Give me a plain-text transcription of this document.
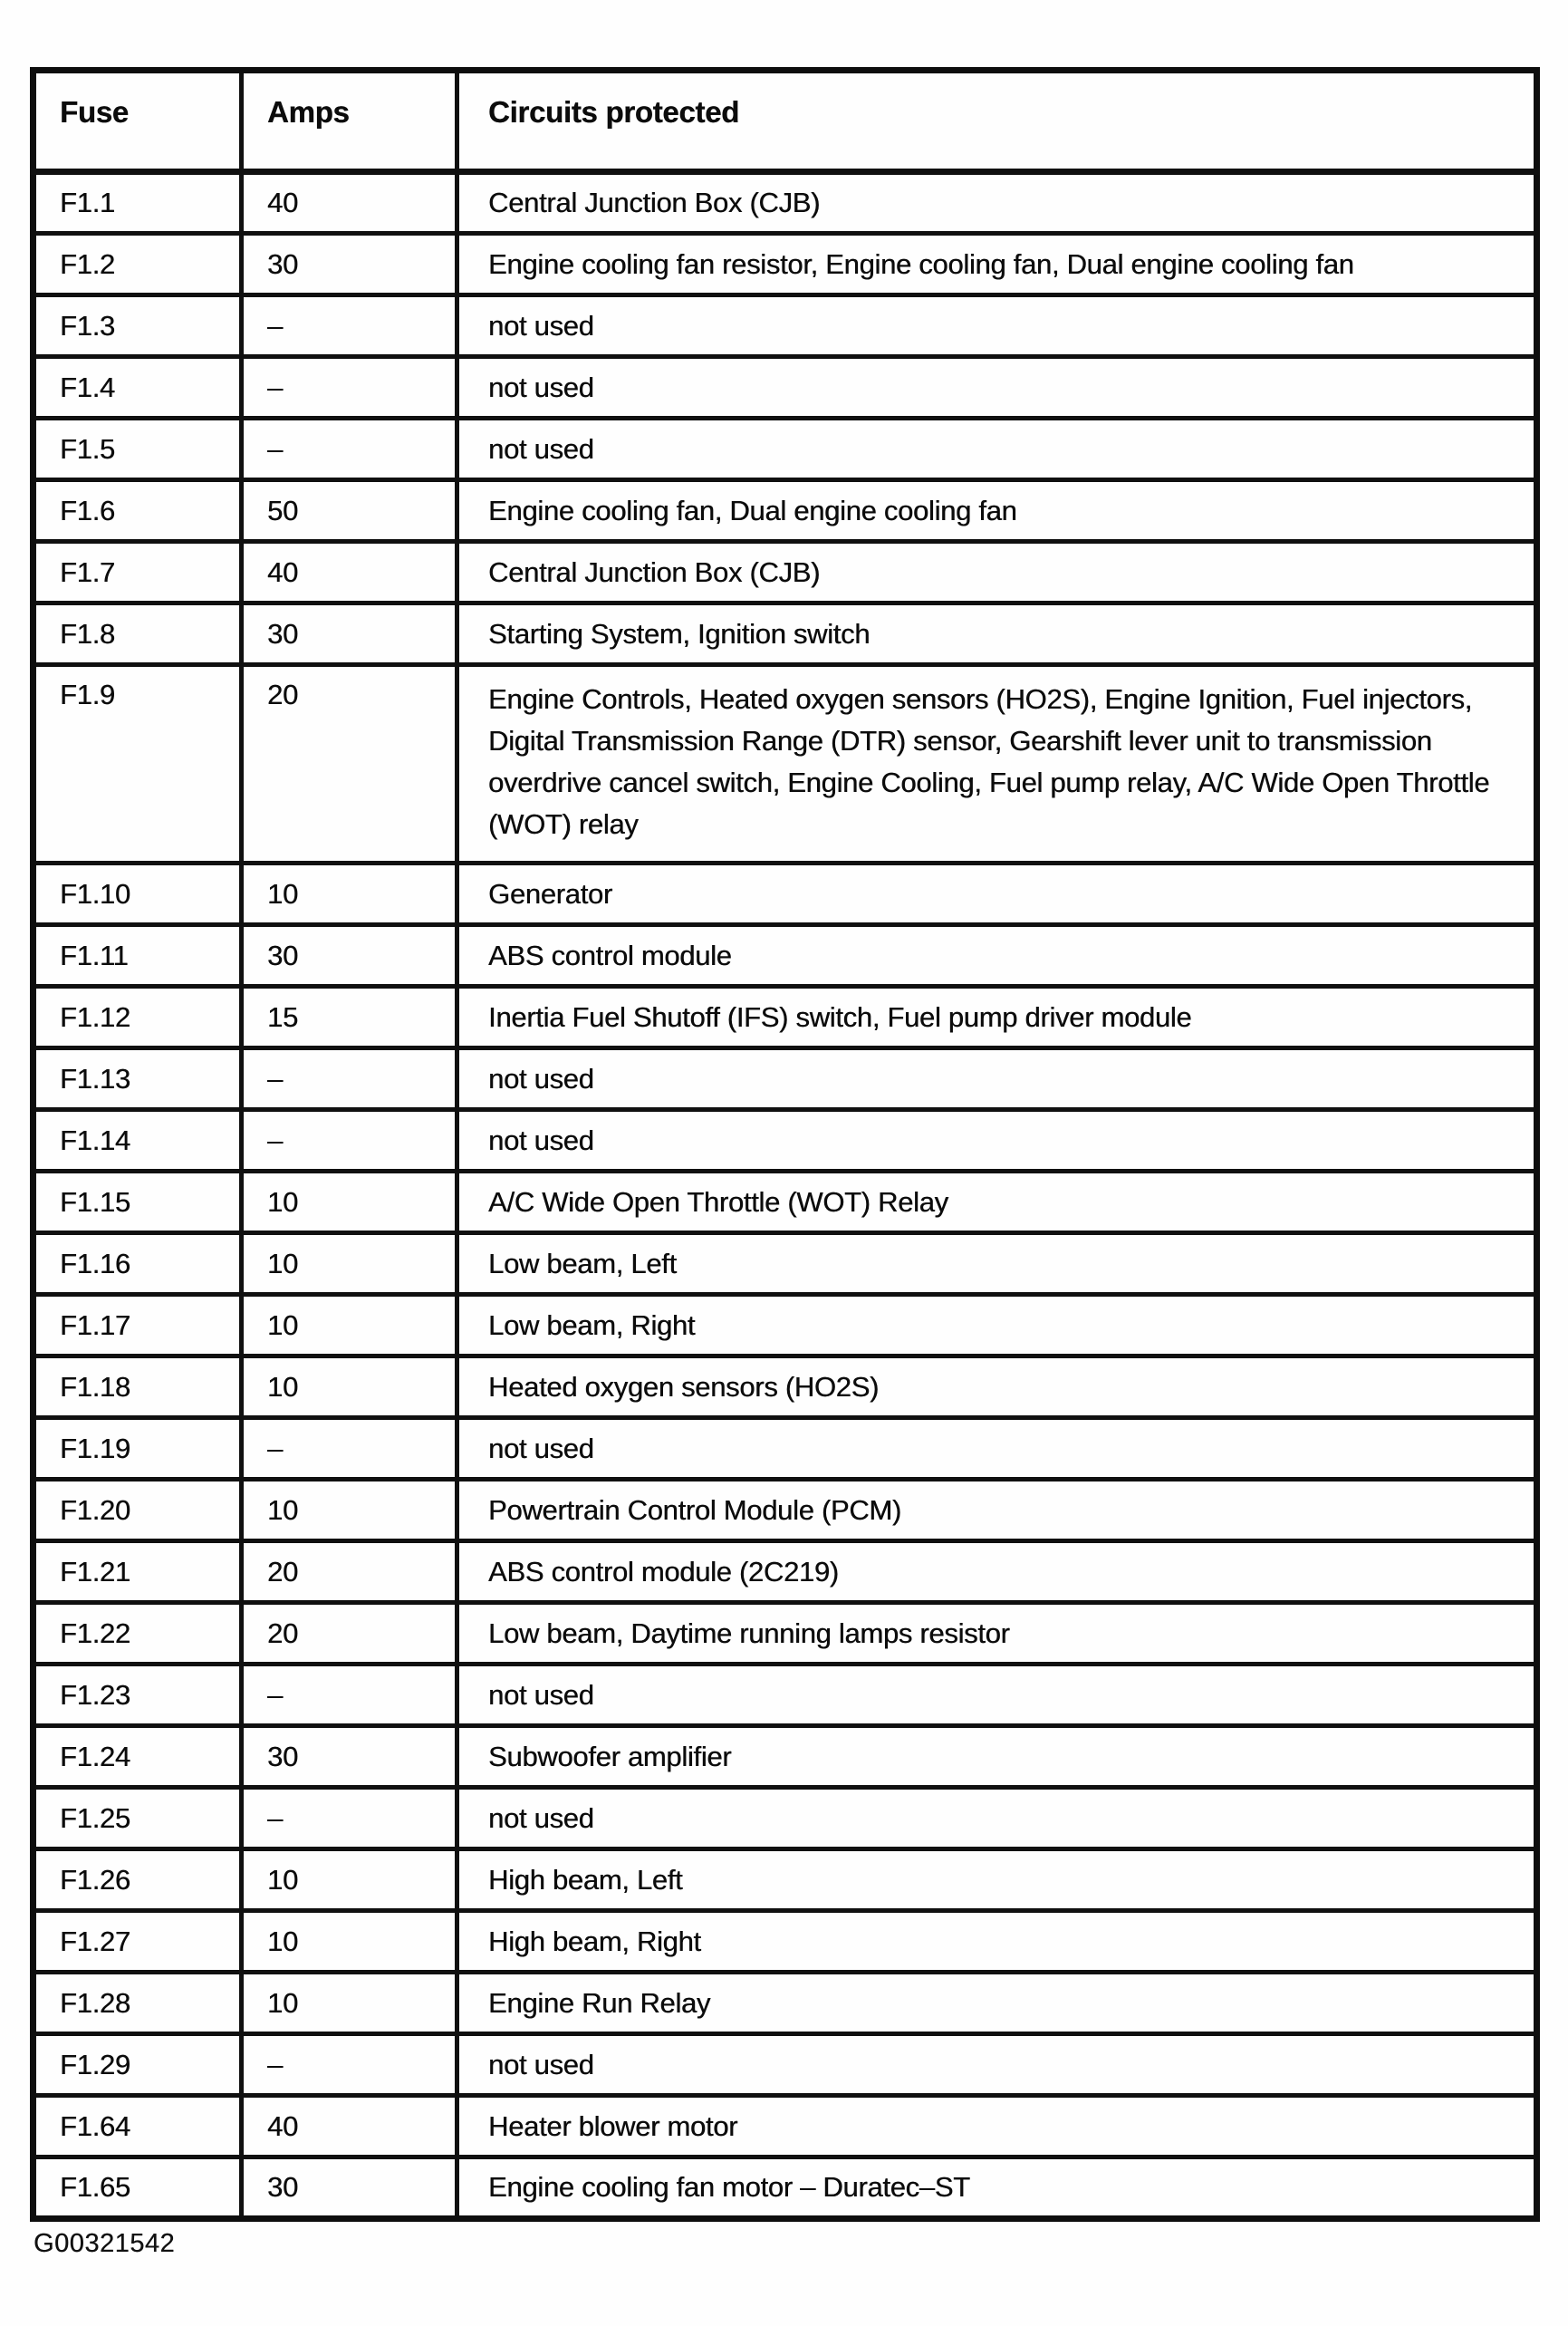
Fuse	Amps	Circuits protected
F1.1	40	Central Junction Box (CJB)
F1.2	30	Engine cooling fan resistor, Engine cooling fan, Dual engine cooling fan
F1.3	–	not used
F1.4	–	not used
F1.5	–	not used
F1.6	50	Engine cooling fan, Dual engine cooling fan
F1.7	40	Central Junction Box (CJB)
F1.8	30	Starting System, Ignition switch
F1.9	20	Engine Controls, Heated oxygen sensors (HO2S), Engine Ignition, Fuel injectors, Digital Transmission Range (DTR) sensor, Gearshift lever unit to transmission overdrive cancel switch, Engine Cooling, Fuel pump relay, A/C Wide Open Throttle (WOT) relay
F1.10	10	Generator
F1.11	30	ABS control module
F1.12	15	Inertia Fuel Shutoff (IFS) switch, Fuel pump driver module
F1.13	–	not used
F1.14	–	not used
F1.15	10	A/C Wide Open Throttle (WOT) Relay
F1.16	10	Low beam, Left
F1.17	10	Low beam, Right
F1.18	10	Heated oxygen sensors (HO2S)
F1.19	–	not used
F1.20	10	Powertrain Control Module (PCM)
F1.21	20	ABS control module (2C219)
F1.22	20	Low beam, Daytime running lamps resistor
F1.23	–	not used
F1.24	30	Subwoofer amplifier
F1.25	–	not used
F1.26	10	High beam, Left
F1.27	10	High beam, Right
F1.28	10	Engine Run Relay
F1.29	–	not used
F1.64	40	Heater blower motor
F1.65	30	Engine cooling fan motor – Duratec–ST
G00321542
